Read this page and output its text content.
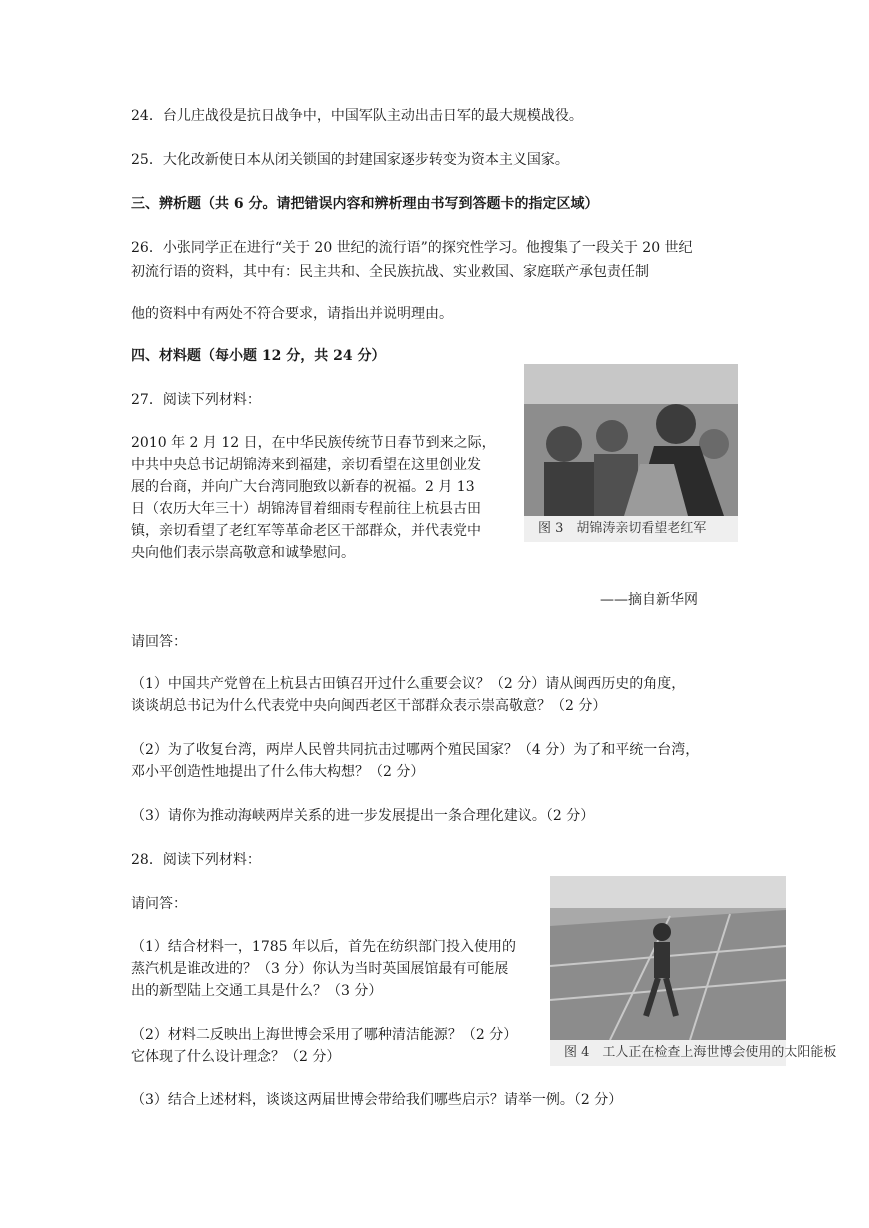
24．台儿庄战役是抗日战争中，中国军队主动出击日军的最大规模战役。
25．大化改新使日本从闭关锁国的封建国家逐步转变为资本主义国家。
三、辨析题（共 6 分。请把错误内容和辨析理由书写到答题卡的指定区域）
26．小张同学正在进行“关于 20 世纪的流行语”的探究性学习。他搜集了一段关于 20 世纪
初流行语的资料，其中有：民主共和、全民族抗战、实业救国、家庭联产承包责任制
他的资料中有两处不符合要求，请指出并说明理由。
四、材料题（每小题 12 分，共 24 分）
27．阅读下列材料：
2010 年 2 月 12 日，在中华民族传统节日春节到来之际，
中共中央总书记胡锦涛来到福建，亲切看望在这里创业发
展的台商，并向广大台湾同胞致以新春的祝福。2 月 13
日（农历大年三十）胡锦涛冒着细雨专程前往上杭县古田
镇，亲切看望了老红军等革命老区干部群众，并代表党中
央向他们表示崇高敬意和诚挚慰问。
图 3　胡锦涛亲切看望老红军
——摘自新华网
请回答：
（1）中国共产党曾在上杭县古田镇召开过什么重要会议？（2 分）请从闽西历史的角度，
谈谈胡总书记为什么代表党中央向闽西老区干部群众表示崇高敬意？（2 分）
（2）为了收复台湾，两岸人民曾共同抗击过哪两个殖民国家？（4 分）为了和平统一台湾，
邓小平创造性地提出了什么伟大构想？（2 分）
（3）请你为推动海峡两岸关系的进一步发展提出一条合理化建议。（2 分）
28．阅读下列材料：
请问答：
（1）结合材料一，1785 年以后，首先在纺织部门投入使用的
蒸汽机是谁改进的？（3 分）你认为当时英国展馆最有可能展
出的新型陆上交通工具是什么？（3 分）
（2）材料二反映出上海世博会采用了哪种清洁能源？（2 分）
它体现了什么设计理念？（2 分）	图 4　工人正在检查上海世博会使用的太阳能板
（3）结合上述材料，谈谈这两届世博会带给我们哪些启示？请举一例。（2 分）
